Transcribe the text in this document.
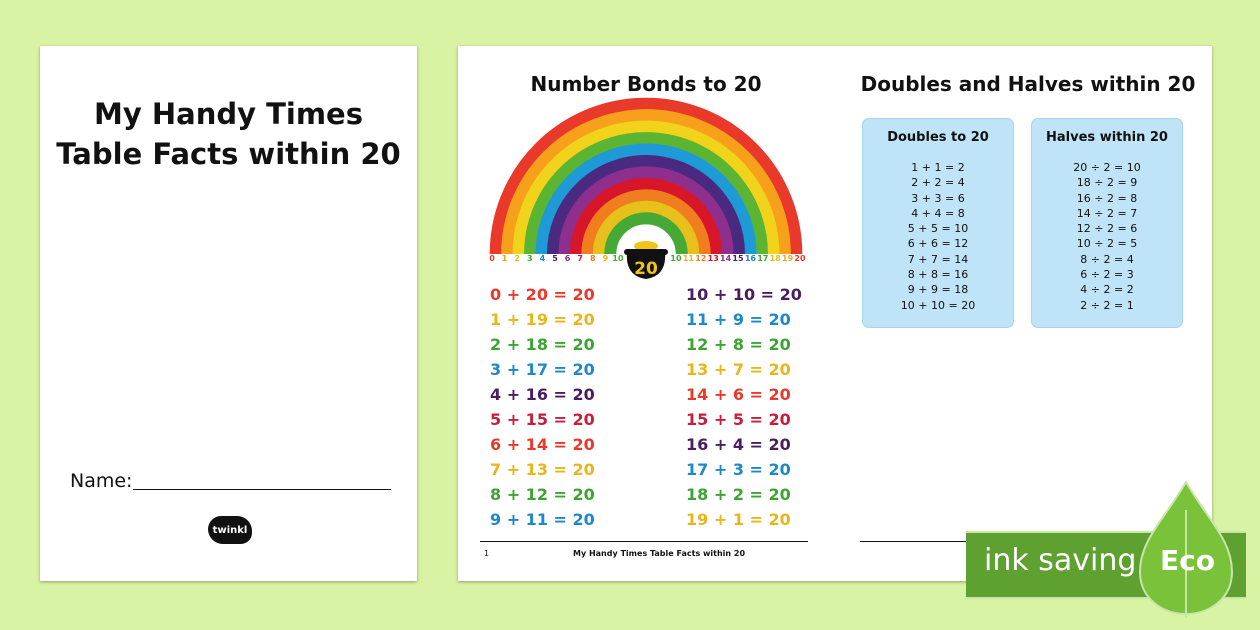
My Handy Times
Table Facts within 20
Name:
twinkl
Number Bonds to 20	Doubles and Halves within 20
20
0 1 2 3 4 5 6 7 8 9 10	10 11 12 13 14 15 16 17 18 19 20
0 + 20 = 20
1 + 19 = 20
2 + 18 = 20
3 + 17 = 20
4 + 16 = 20
5 + 15 = 20
6 + 14 = 20
7 + 13 = 20
8 + 12 = 20
9 + 11 = 20
10 + 10 = 20
11 + 9 = 20
12 + 8 = 20
13 + 7 = 20
14 + 6 = 20
15 + 5 = 20
16 + 4 = 20
17 + 3 = 20
18 + 2 = 20
19 + 1 = 20
Doubles to 20
1 + 1 = 2
2 + 2 = 4
3 + 3 = 6
4 + 4 = 8
5 + 5 = 10
6 + 6 = 12
7 + 7 = 14
8 + 8 = 16
9 + 9 = 18
10 + 10 = 20
Halves within 20
20 ÷ 2 = 10
18 ÷ 2 = 9
16 ÷ 2 = 8
14 ÷ 2 = 7
12 ÷ 2 = 6
10 ÷ 2 = 5
8 ÷ 2 = 4
6 ÷ 2 = 3
4 ÷ 2 = 2
2 ÷ 2 = 1
1	My Handy Times Table Facts within 20	ink saving Eco
